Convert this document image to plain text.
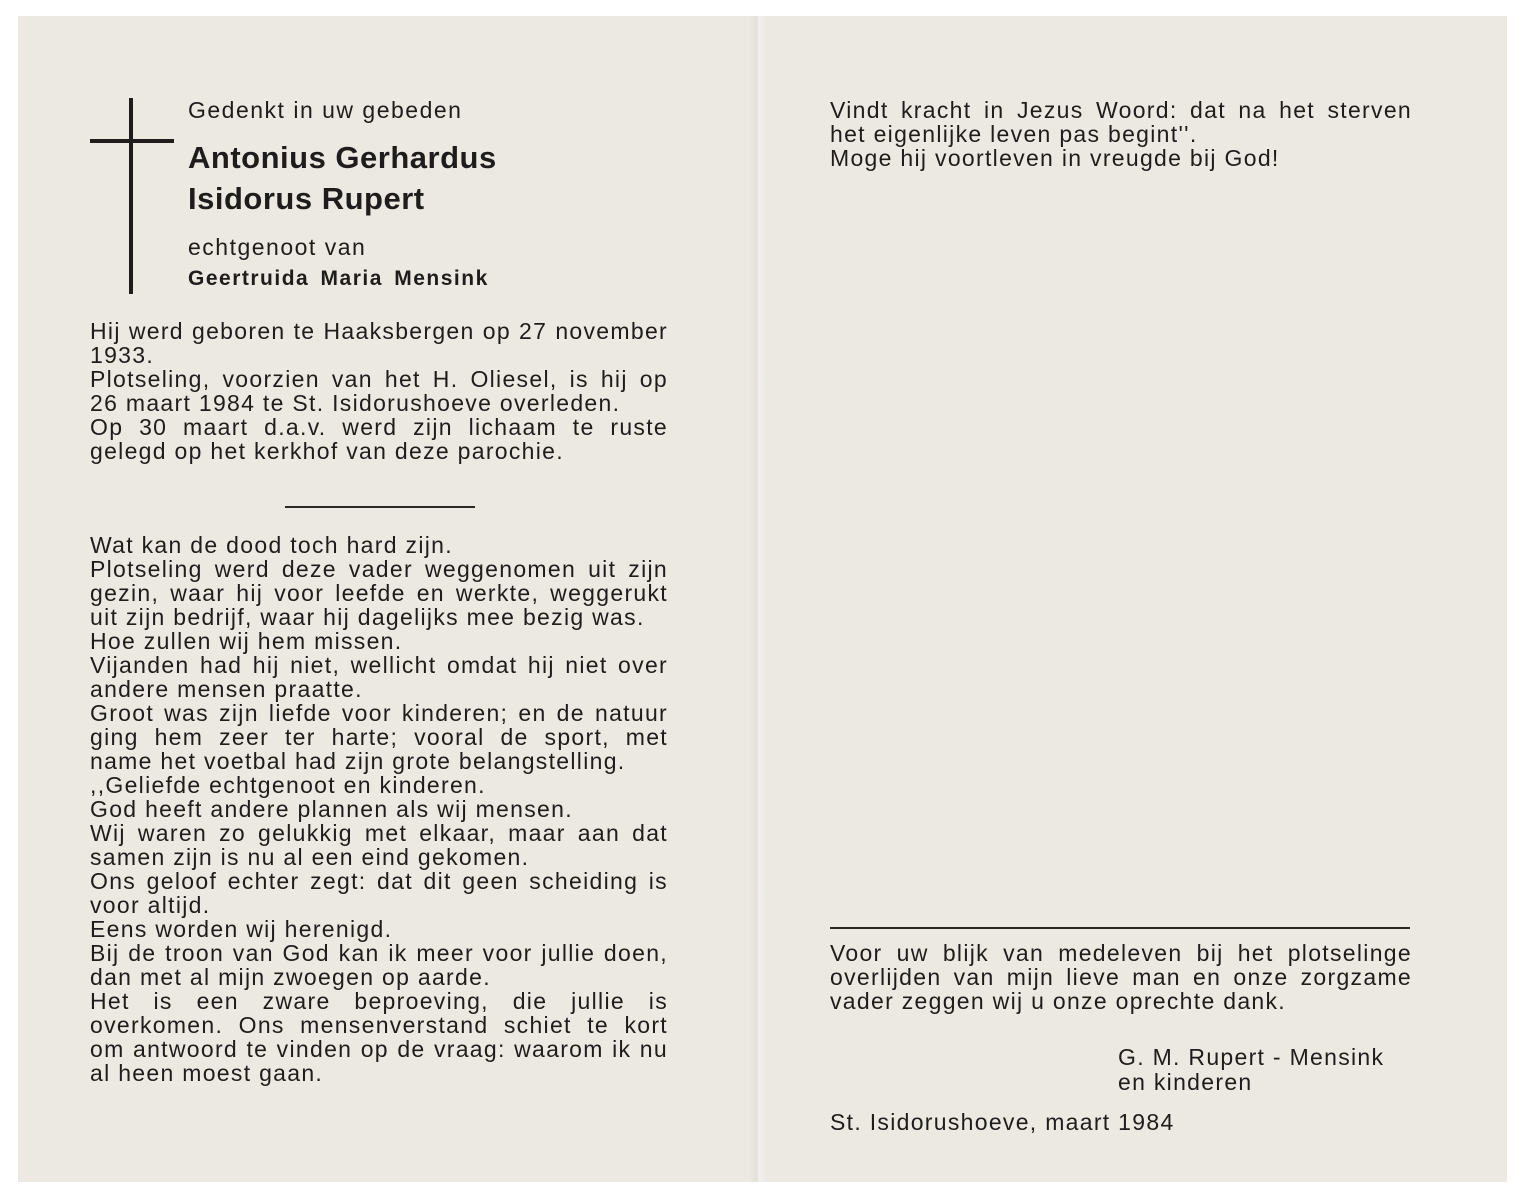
Gedenkt in uw gebeden
Antonius Gerhardus
Isidorus Rupert
echtgenoot van
Geertruida Maria Mensink

Hij werd geboren te Haaksbergen op 27 november 1933.

Plotseling, voorzien van het H. Oliesel, is hij op 26 maart 1984 te St. Isidorushoeve overleden.

Op 30 maart d.a.v. werd zijn lichaam te ruste gelegd op het kerkhof van deze parochie.

Wat kan de dood toch hard zijn.

Plotseling werd deze vader weggenomen uit zijn gezin, waar hij voor leefde en werkte, weggerukt uit zijn bedrijf, waar hij dagelijks mee bezig was.

Hoe zullen wij hem missen.

Vijanden had hij niet, wellicht omdat hij niet over andere mensen praatte.

Groot was zijn liefde voor kinderen; en de natuur ging hem zeer ter harte; vooral de sport, met name het voetbal had zijn grote belangstelling.

,,Geliefde echtgenoot en kinderen.

God heeft andere plannen als wij mensen.

Wij waren zo gelukkig met elkaar, maar aan dat samen zijn is nu al een eind gekomen.

Ons geloof echter zegt: dat dit geen scheiding is voor altijd.

Eens worden wij herenigd.

Bij de troon van God kan ik meer voor jullie doen, dan met al mijn zwoegen op aarde.

Het is een zware beproeving, die jullie is overkomen. Ons mensenverstand schiet te kort om antwoord te vinden op de vraag: waarom ik nu al heen moest gaan.

Vindt kracht in Jezus Woord: dat na het sterven het eigenlijke leven pas begint''.

Moge hij voortleven in vreugde bij God!

Voor uw blijk van medeleven bij het plotselinge overlijden van mijn lieve man en onze zorgzame vader zeggen wij u onze oprechte dank.

G. M. Rupert - Mensink

en kinderen

St. Isidorushoeve, maart 1984
